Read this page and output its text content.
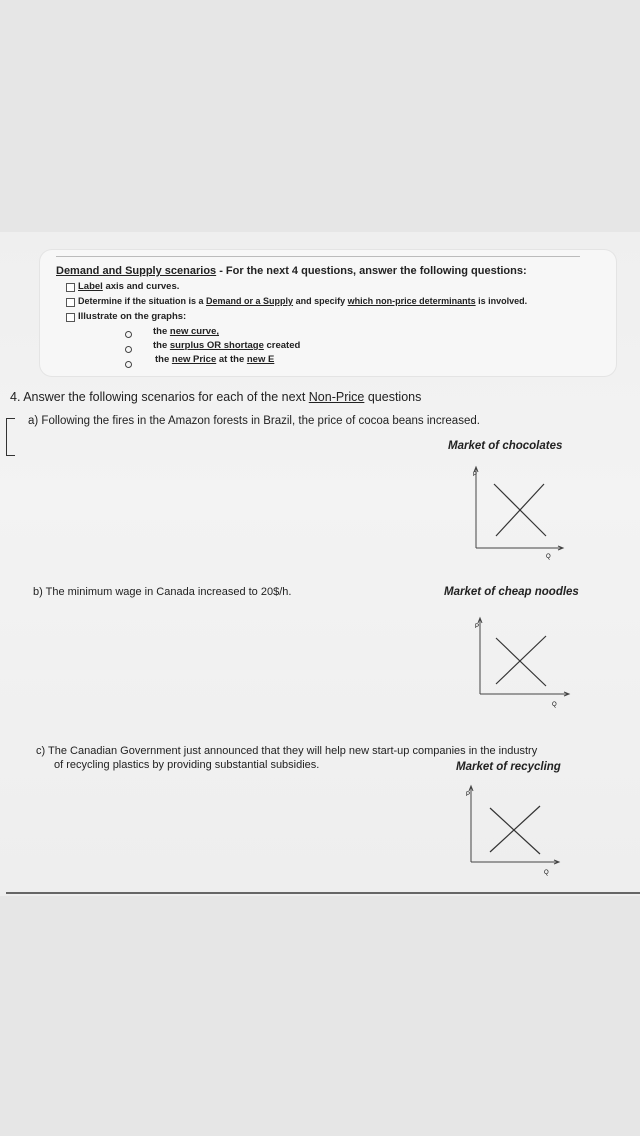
Demand and Supply scenarios - For the next 4 questions, answer the following questions:
Label axis and curves.
Determine if the situation is a Demand or a Supply and specify which non-price determinants is involved.
Illustrate on the graphs:
the new curve,
the surplus OR shortage created
the new Price at the new E
4. Answer the following scenarios for each of the next Non-Price questions
a) Following the fires in the Amazon forests in Brazil, the price of cocoa beans increased.
Market of chocolates
P
Q
b) The minimum wage in Canada increased to 20$/h.	Market of cheap noodles
P
Q
c) The Canadian Government just announced that they will help new start-up companies in the industry
of recycling plastics by providing substantial subsidies.	Market of recycling
P
Q
